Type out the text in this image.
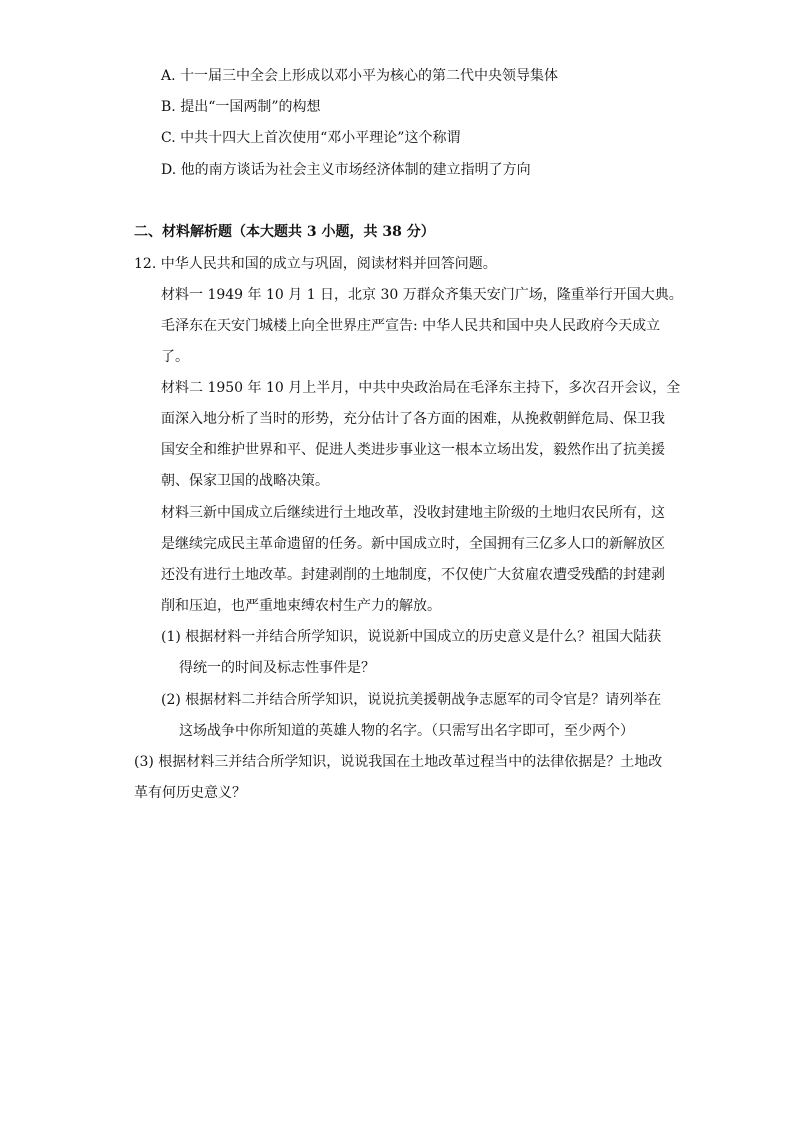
A. 十一届三中全会上形成以邓小平为核心的第二代中央领导集体
B. 提出“一国两制”的构想
C. 中共十四大上首次使用“邓小平理论”这个称谓
D. 他的南方谈话为社会主义市场经济体制的建立指明了方向
二、材料解析题（本大题共 3 小题，共 38 分）
12. 中华人民共和国的成立与巩固，阅读材料并回答问题。
材料一 1949 年 10 月 1 日，北京 30 万群众齐集天安门广场，隆重举行开国大典。
毛泽东在天安门城楼上向全世界庄严宣告: 中华人民共和国中央人民政府今天成立
了。
材料二 1950 年 10 月上半月，中共中央政治局在毛泽东主持下，多次召开会议，全
面深入地分析了当时的形势，充分估计了各方面的困难，从挽救朝鲜危局、保卫我
国安全和维护世界和平、促进人类进步事业这一根本立场出发，毅然作出了抗美援
朝、保家卫国的战略决策。
材料三新中国成立后继续进行土地改革，没收封建地主阶级的土地归农民所有，这
是继续完成民主革命遗留的任务。新中国成立时，全国拥有三亿多人口的新解放区
还没有进行土地改革。封建剥削的土地制度，不仅使广大贫雇农遭受残酷的封建剥
削和压迫，也严重地束缚农村生产力的解放。
(1) 根据材料一并结合所学知识，说说新中国成立的历史意义是什么？祖国大陆获
得统一的时间及标志性事件是？
(2) 根据材料二并结合所学知识，说说抗美援朝战争志愿军的司令官是？请列举在
这场战争中你所知道的英雄人物的名字。（只需写出名字即可，至少两个）
(3) 根据材料三并结合所学知识，说说我国在土地改革过程当中的法律依据是？土地改
革有何历史意义？
